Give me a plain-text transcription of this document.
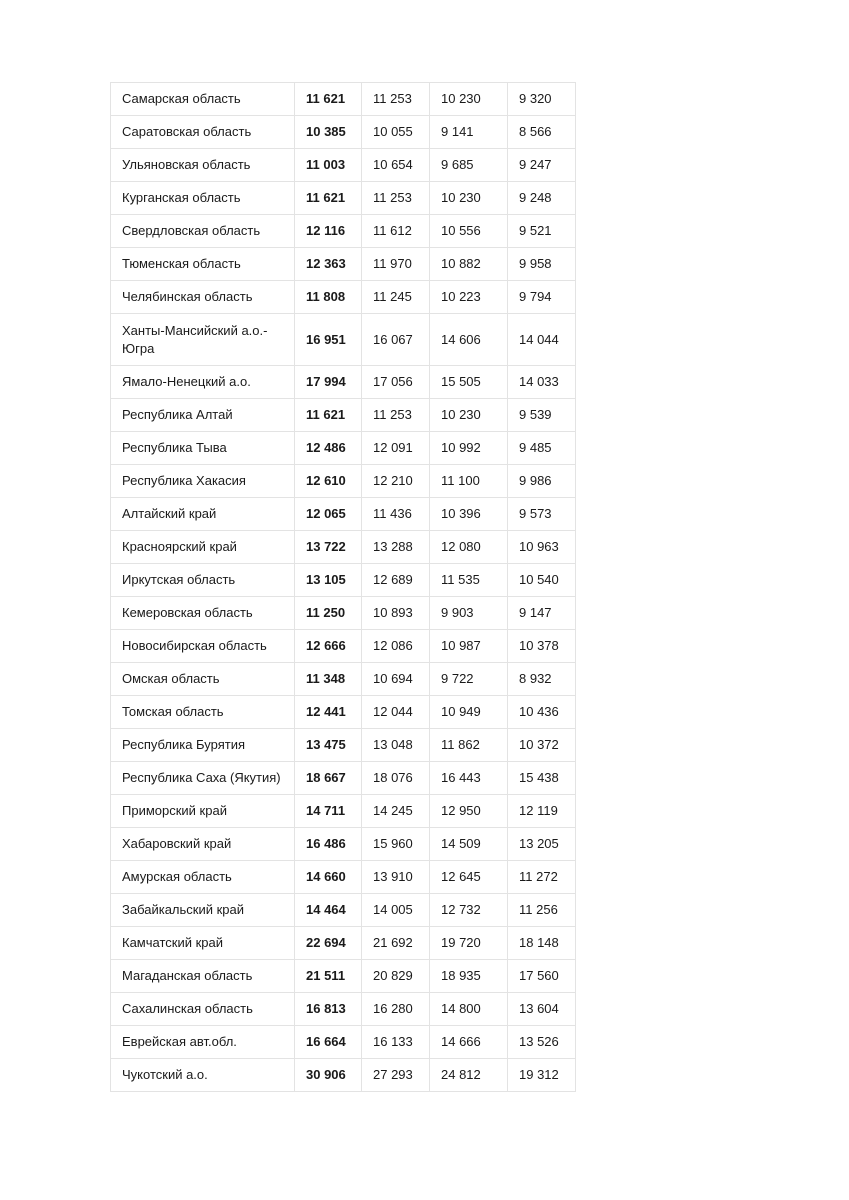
Самарская область	11 621	11 253	10 230	9 320
Саратовская область	10 385	10 055	9 141	8 566
Ульяновская область	11 003	10 654	9 685	9 247
Курганская область	11 621	11 253	10 230	9 248
Свердловская область	12 116	11 612	10 556	9 521
Тюменская область	12 363	11 970	10 882	9 958
Челябинская область	11 808	11 245	10 223	9 794
Ханты-Мансийский а.о.-Югра	16 951	16 067	14 606	14 044
Ямало-Ненецкий а.о.	17 994	17 056	15 505	14 033
Республика Алтай	11 621	11 253	10 230	9 539
Республика Тыва	12 486	12 091	10 992	9 485
Республика Хакасия	12 610	12 210	11 100	9 986
Алтайский край	12 065	11 436	10 396	9 573
Красноярский край	13 722	13 288	12 080	10 963
Иркутская область	13 105	12 689	11 535	10 540
Кемеровская область	11 250	10 893	9 903	9 147
Новосибирская область	12 666	12 086	10 987	10 378
Омская область	11 348	10 694	9 722	8 932
Томская область	12 441	12 044	10 949	10 436
Республика Бурятия	13 475	13 048	11 862	10 372
Республика Саха (Якутия)	18 667	18 076	16 443	15 438
Приморский край	14 711	14 245	12 950	12 119
Хабаровский край	16 486	15 960	14 509	13 205
Амурская область	14 660	13 910	12 645	11 272
Забайкальский край	14 464	14 005	12 732	11 256
Камчатский край	22 694	21 692	19 720	18 148
Магаданская область	21 511	20 829	18 935	17 560
Сахалинская область	16 813	16 280	14 800	13 604
Еврейская авт.обл.	16 664	16 133	14 666	13 526
Чукотский а.о.	30 906	27 293	24 812	19 312
